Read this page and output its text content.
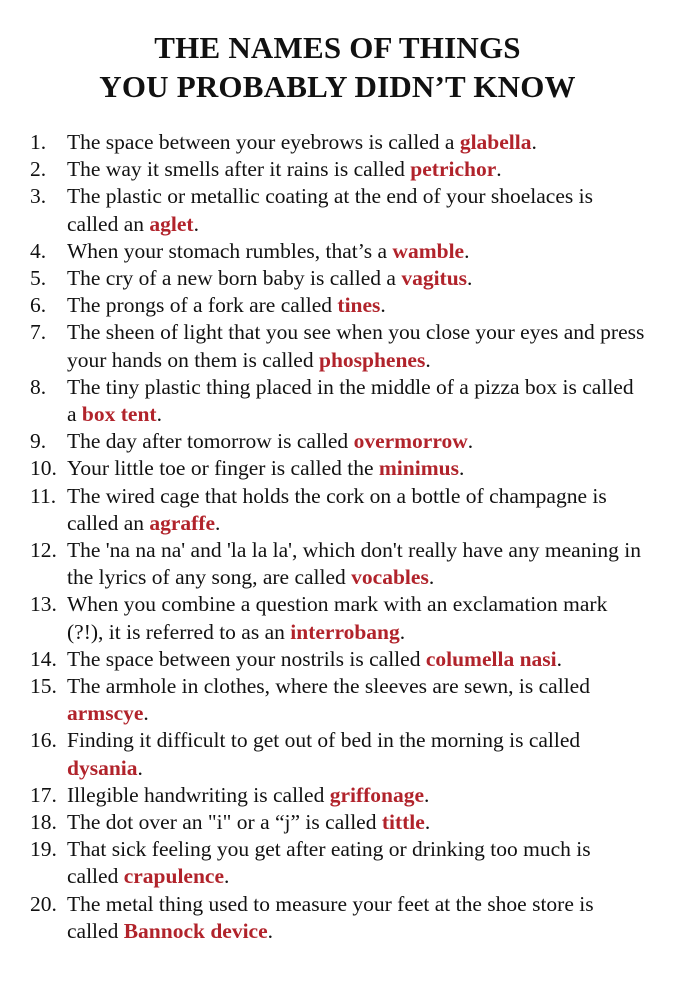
THE NAMES OF THINGS
YOU PROBABLY DIDN’T KNOW
1. The space between your eyebrows is called a glabella.
2. The way it smells after it rains is called petrichor.
3. The plastic or metallic coating at the end of your shoelaces is called an aglet.
4. When your stomach rumbles, that’s a wamble.
5. The cry of a new born baby is called a vagitus.
6. The prongs of a fork are called tines.
7. The sheen of light that you see when you close your eyes and press your hands on them is called phosphenes.
8. The tiny plastic thing placed in the middle of a pizza box is called a box tent.
9. The day after tomorrow is called overmorrow.
10. Your little toe or finger is called the minimus.
11. The wired cage that holds the cork on a bottle of champagne is called an agraffe.
12. The 'na na na' and 'la la la', which don't really have any meaning in the lyrics of any song, are called vocables.
13. When you combine a question mark with an exclamation mark (?!), it is referred to as an interrobang.
14. The space between your nostrils is called columella nasi.
15. The armhole in clothes, where the sleeves are sewn, is called armscye.
16. Finding it difficult to get out of bed in the morning is called dysania.
17. Illegible handwriting is called griffonage.
18. The dot over an "i" or a “j” is called tittle.
19. That sick feeling you get after eating or drinking too much is called crapulence.
20. The metal thing used to measure your feet at the shoe store is called Bannock device.
